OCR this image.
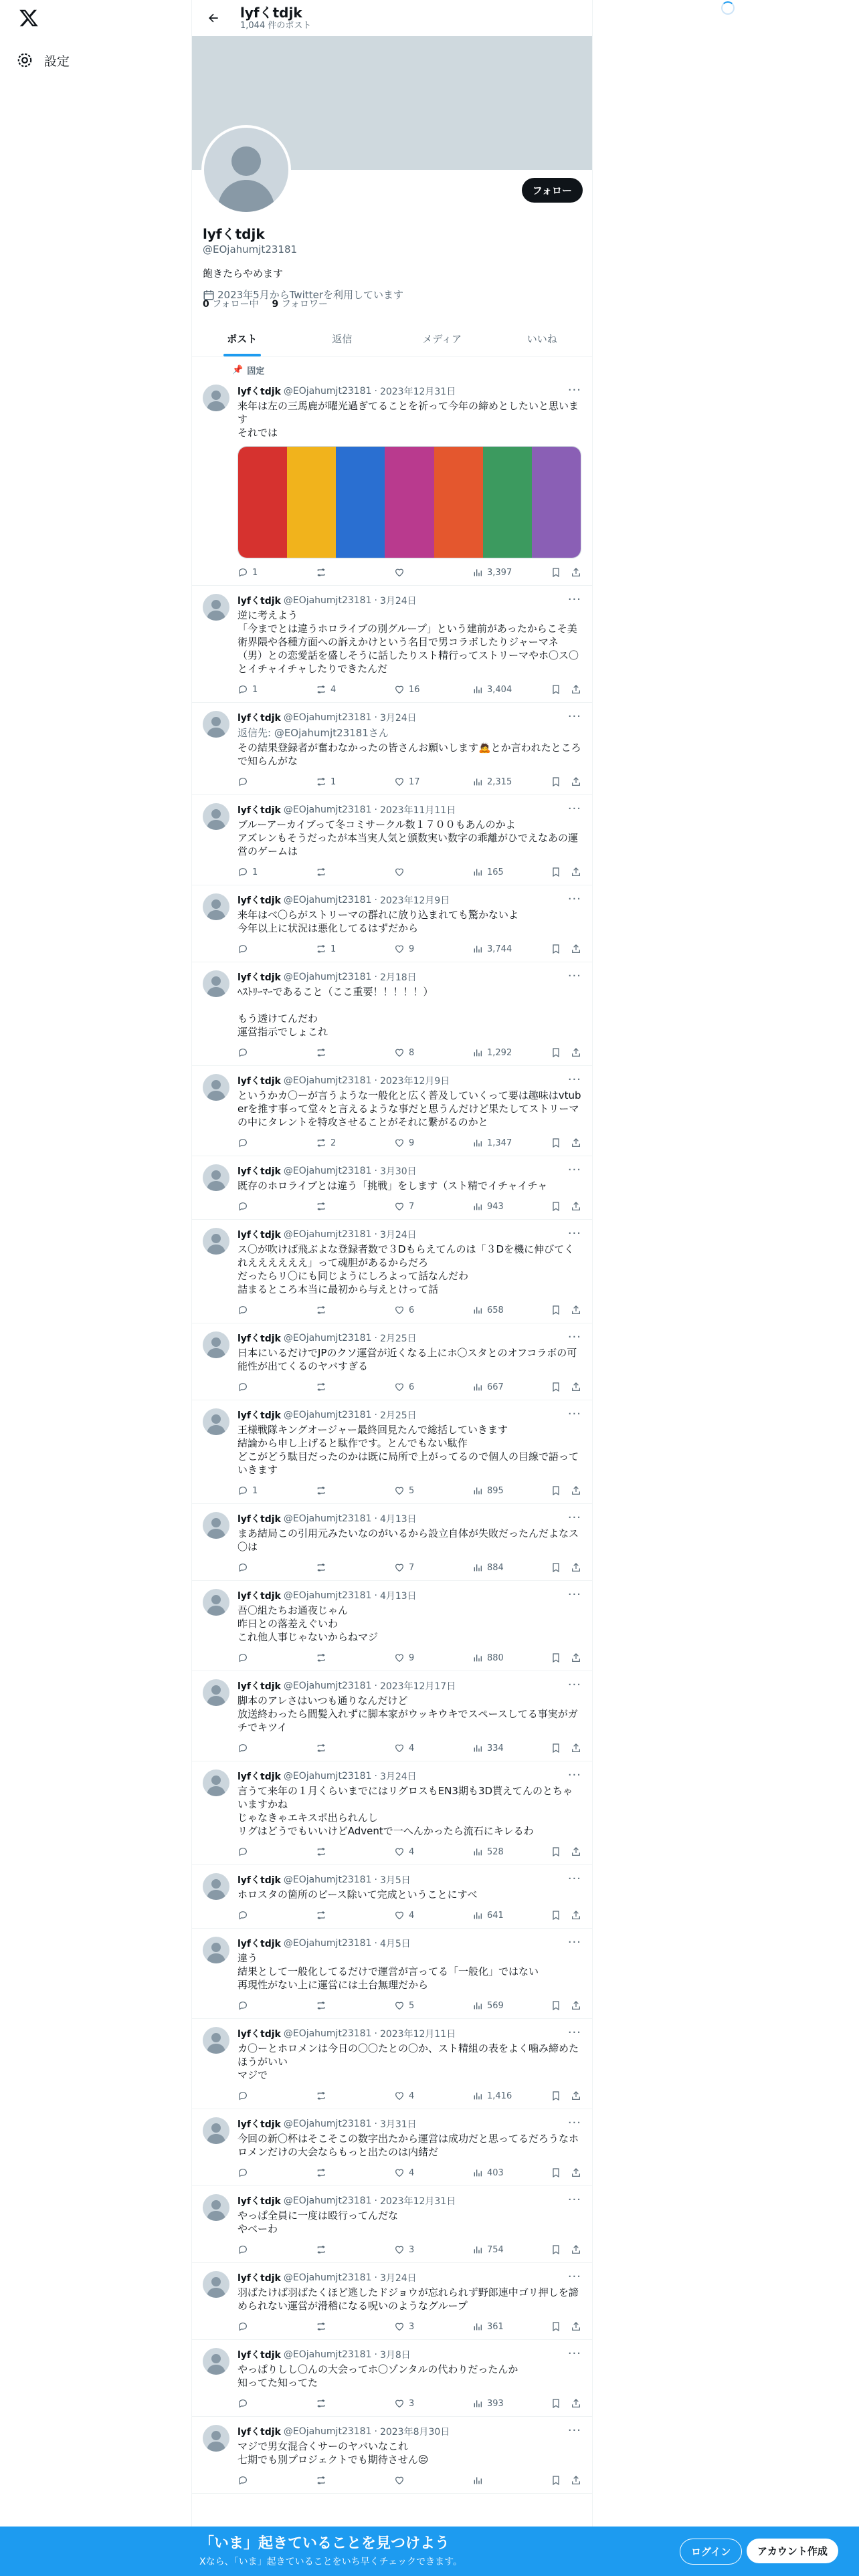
設定
lyfくtdjk
1,044 件のポスト
フォロー
lyfくtdjk
@EOjahumjt23181
飽きたらやめます
2023年5月からTwitterを利用しています
0 フォロー中 9 フォロワー
ポスト	返信	メディア	いいね
📌 固定
lyfくtdjk @EOjahumjt23181 · 2023年12月31日
来年は左の三馬鹿が曜光過ぎてることを祈って今年の締めとしたいと思います
それでは
1	3,397
···
lyfくtdjk @EOjahumjt23181 · 3月24日
逆に考えよう
「今までとは違うホロライブの別グループ」という建前があったからこそ美術界隈や各種方面への訴えかけという名目で男コラボしたりジャーマネ（男）との恋愛話を盛しそうに話したりスト精行ってストリーマやホ〇ス〇とイチャイチャしたりできたんだ
1	4	16	3,404
···
lyfくtdjk @EOjahumjt23181 · 3月24日
返信先: @EOjahumjt23181さん
その結果登録者が奮わなかったの皆さんお願いします🙇とか言われたところで知らんがな
1	17	2,315
···
lyfくtdjk @EOjahumjt23181 · 2023年11月11日
ブルーアーカイブって冬コミサークル数１７００もあんのかよ
アズレンもそうだったが本当実人気と頒数実い数字の乖離がひでえなあの運営のゲームは
1	165
···
lyfくtdjk @EOjahumjt23181 · 2023年12月9日
来年はべ〇らがストリーマの群れに放り込まれても驚かないよ
今年以上に状況は悪化してるはずだから
1	9	3,744
···
lyfくtdjk @EOjahumjt23181 · 2月18日
ﾍｽﾄﾘｰﾏｰであること（ここ重要！！！！！）

もう透けてんだわ
運営指示でしょこれ
8	1,292
···
lyfくtdjk @EOjahumjt23181 · 2023年12月9日
というかカ〇ーが言うような一般化と広く普及していくって要は趣味はvtuberを推す事って堂々と言えるような事だと思うんだけど果たしてストリーマの中にタレントを特攻させることがそれに繋がるのかと
2	9	1,347
···
lyfくtdjk @EOjahumjt23181 · 3月30日
既存のホロライブとは違う「挑戦」をします（スト精でイチャイチャ
7	943
···
lyfくtdjk @EOjahumjt23181 · 3月24日
ス〇が吹けば飛ぶよな登録者数で３Dもらえてんのは「３Dを機に伸びてくれええええええ」って魂胆があるからだろ
だったらリ〇にも同じようにしろよって話なんだわ
詰まるところ本当に最初から与えとけって話
6	658
···
lyfくtdjk @EOjahumjt23181 · 2月25日
日本にいるだけでJPのクソ運営が近くなる上にホ〇スタとのオフコラボの可能性が出てくるのヤバすぎる
6	667
···
lyfくtdjk @EOjahumjt23181 · 2月25日
王様戦隊キングオージャー最終回見たんで総括していきます
結論から申し上げると駄作です。とんでもない駄作
どこがどう駄目だったのかは既に局所で上がってるので個人の目線で語っていきます
1	5	895
···
lyfくtdjk @EOjahumjt23181 · 4月13日
まあ結局この引用元みたいなのがいるから設立自体が失敗だったんだよなス〇は
7	884
···
lyfくtdjk @EOjahumjt23181 · 4月13日
吾〇組たちお通夜じゃん
昨日との落差えぐいわ
これ他人事じゃないからねマジ
9	880
···
lyfくtdjk @EOjahumjt23181 · 2023年12月17日
脚本のアレさはいつも通りなんだけど
放送終わったら間髪入れずに脚本家がウッキウキでスペースしてる事実がガチでキツイ
4	334
···
lyfくtdjk @EOjahumjt23181 · 3月24日
言うて来年の１月くらいまでにはリグロスもEN3期も3D貰えてんのとちゃいますかね
じゃなきゃエキスポ出られんし
リグはどうでもいいけどAdventで一へんかったら流石にキレるわ
4	528
···
lyfくtdjk @EOjahumjt23181 · 3月5日
ホロスタの箇所のピース除いて完成ということにすべ
4	641
···
lyfくtdjk @EOjahumjt23181 · 4月5日
違う
結果として一般化してるだけで運営が言ってる「一般化」ではない
再現性がない上に運営には土台無理だから
5	569
···
lyfくtdjk @EOjahumjt23181 · 2023年12月11日
カ〇ーとホロメンは今日の〇〇たとの〇か、スト精組の表をよく噛み締めたほうがいい
マジで
4	1,416
···
lyfくtdjk @EOjahumjt23181 · 3月31日
今回の新〇杯はそこそこの数字出たから運営は成功だと思ってるだろうなホロメンだけの大会ならもっと出たのは内緒だ
4	403
···
lyfくtdjk @EOjahumjt23181 · 2023年12月31日
やっぱ全員に一度は殴行ってんだな
やべーわ
3	754
···
lyfくtdjk @EOjahumjt23181 · 3月24日
羽ばたけば羽ばたくほど逃したドジョウが忘れられず野郎連中ゴリ押しを諦められない運営が滑稽になる呪いのようなグループ
3	361
···
lyfくtdjk @EOjahumjt23181 · 3月8日
やっぱりしし〇んの大会ってホ〇ゾンタルの代わりだったんか
知ってた知ってた
3	393
···
lyfくtdjk @EOjahumjt23181 · 2023年8月30日
マジで男女混合くサーのヤバいなこれ
七期でも別プロジェクトでも期待させん😔
···
「いま」起きていることを見つけよう
Xなら、「いま」起きていることをいち早くチェックできます。
ログイン	アカウント作成
